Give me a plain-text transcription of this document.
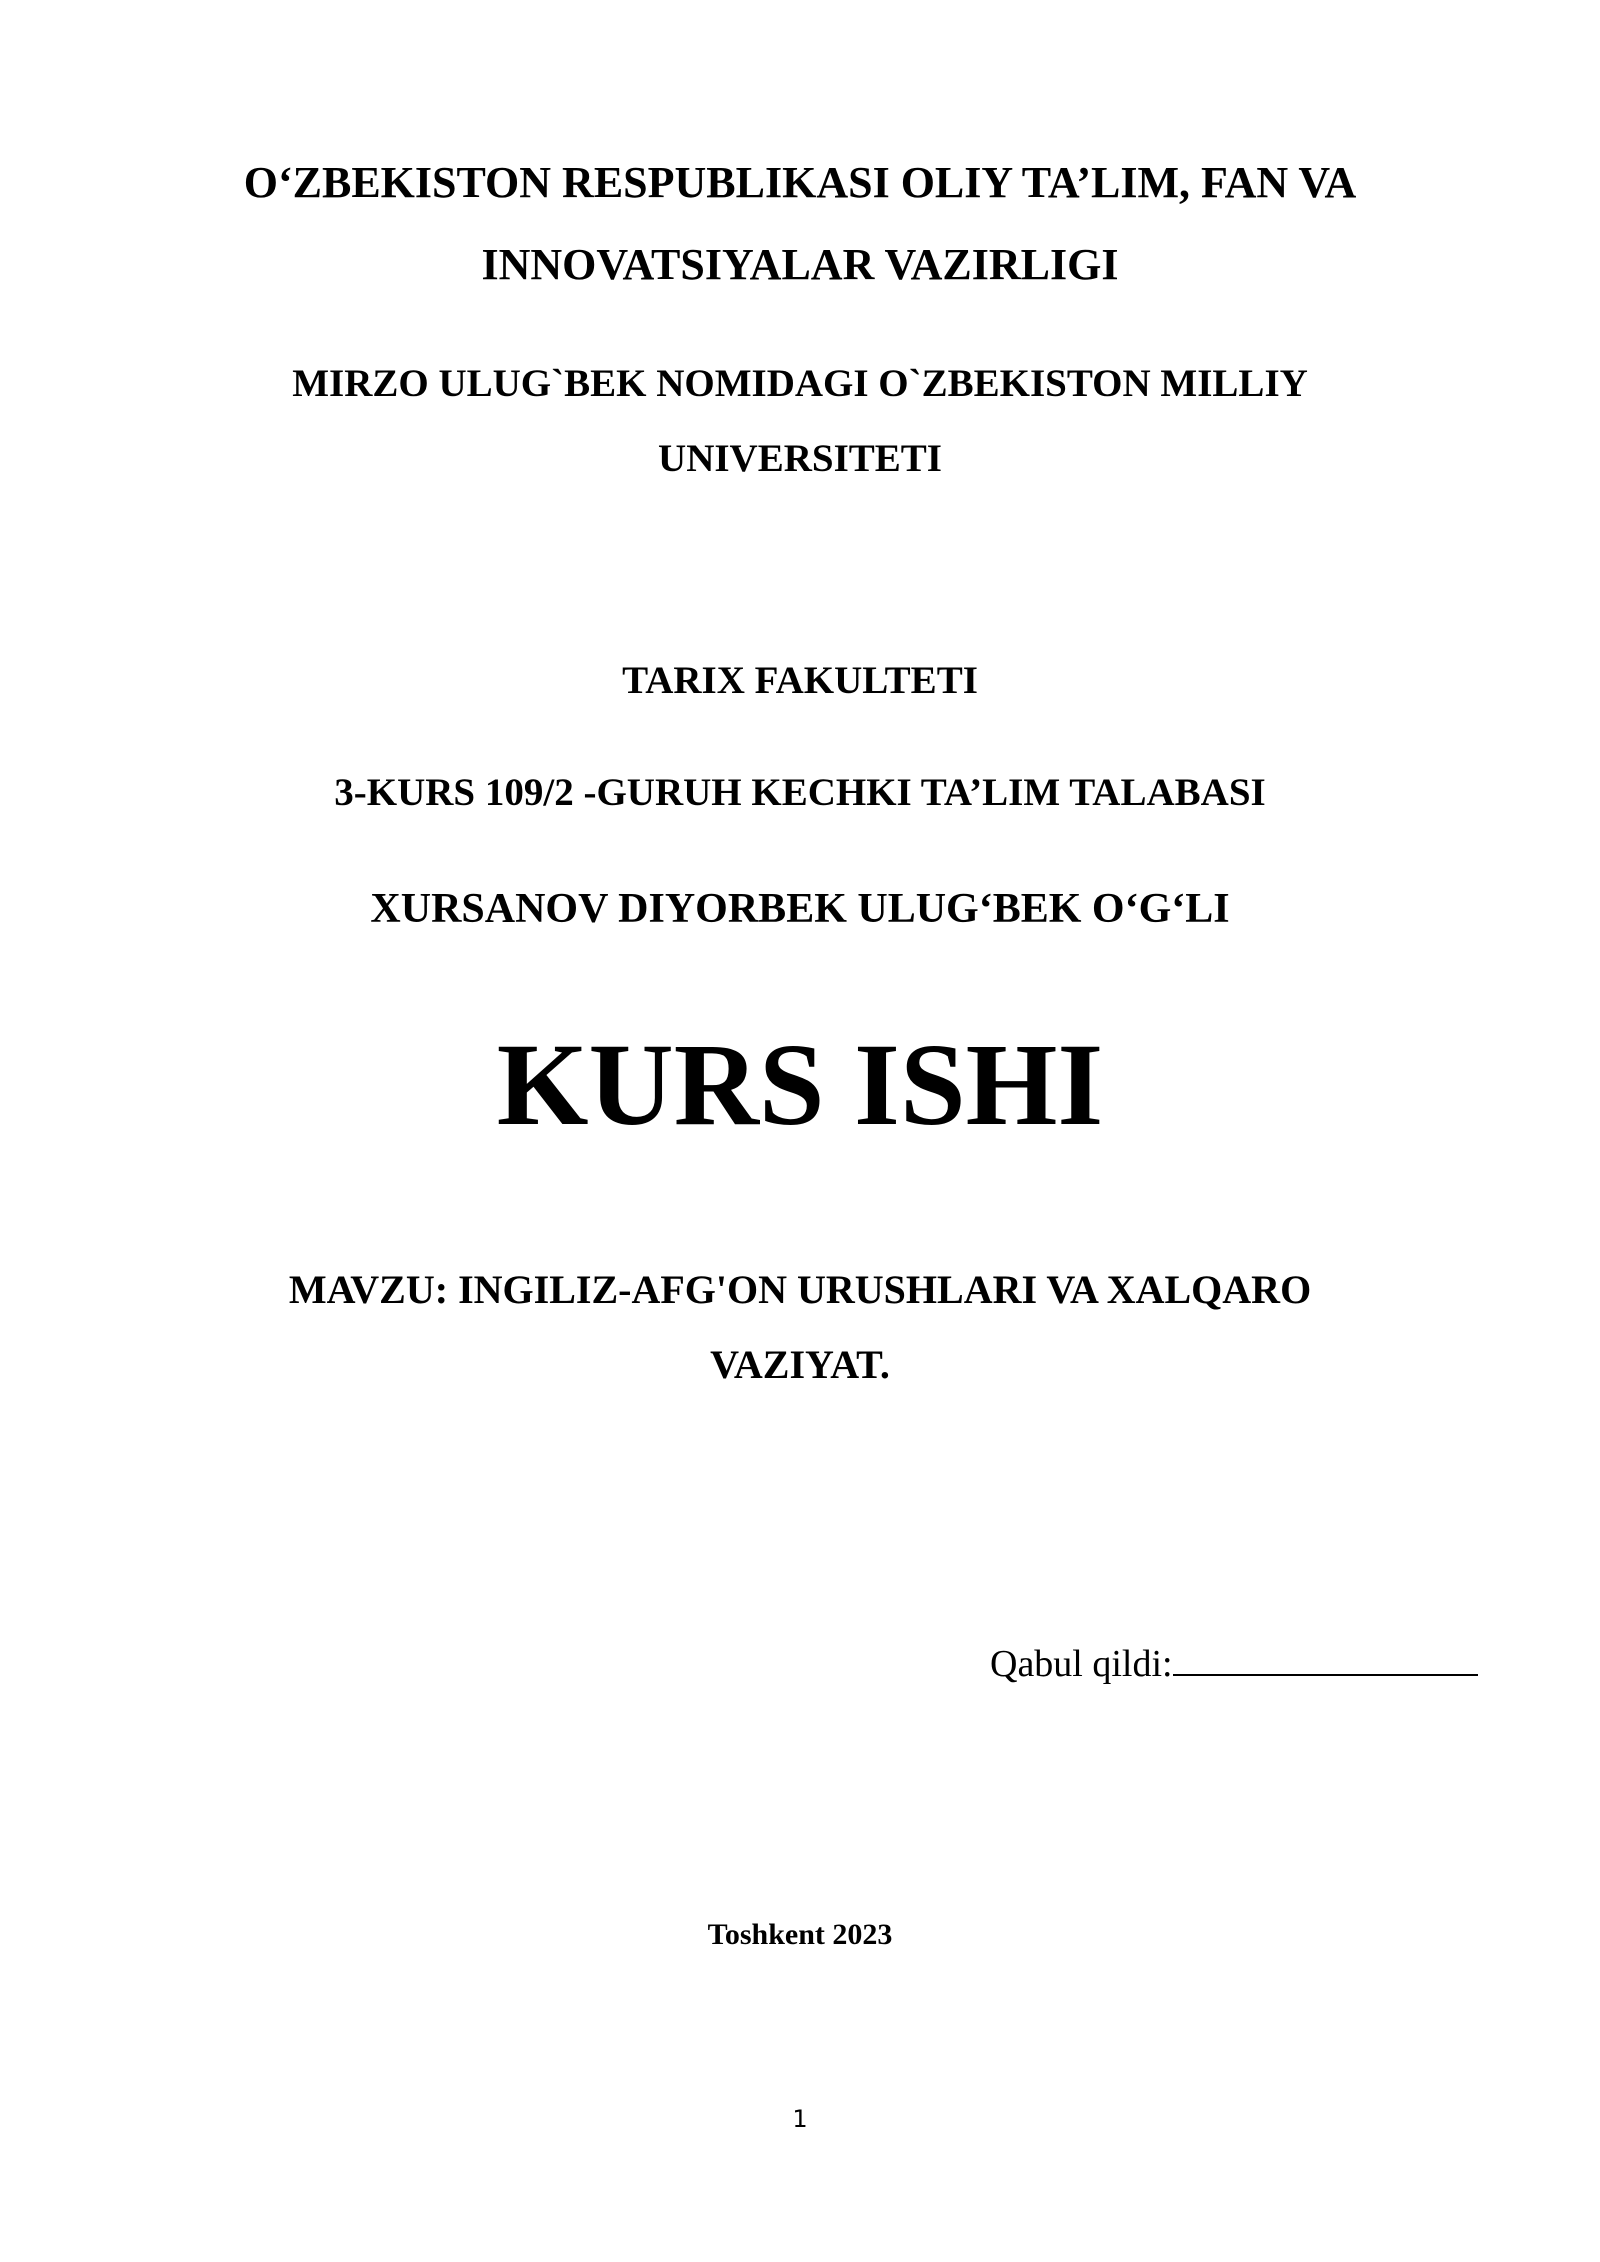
O‘ZBEKISTON RESPUBLIKASI OLIY TA’LIM, FAN VA
INNOVATSIYALAR VAZIRLIGI
MIRZO ULUG`BEK NOMIDAGI O`ZBEKISTON MILLIY
UNIVERSITETI
TARIX FAKULTETI
3-KURS 109/2 -GURUH KECHKI TA’LIM TALABASI
XURSANOV DIYORBEK ULUG‘BEK O‘G‘LI
KURS ISHI
MAVZU: INGILIZ-AFG'ON URUSHLARI VA XALQARO
VAZIYAT.
Qabul qildi:
Toshkent 2023
1
